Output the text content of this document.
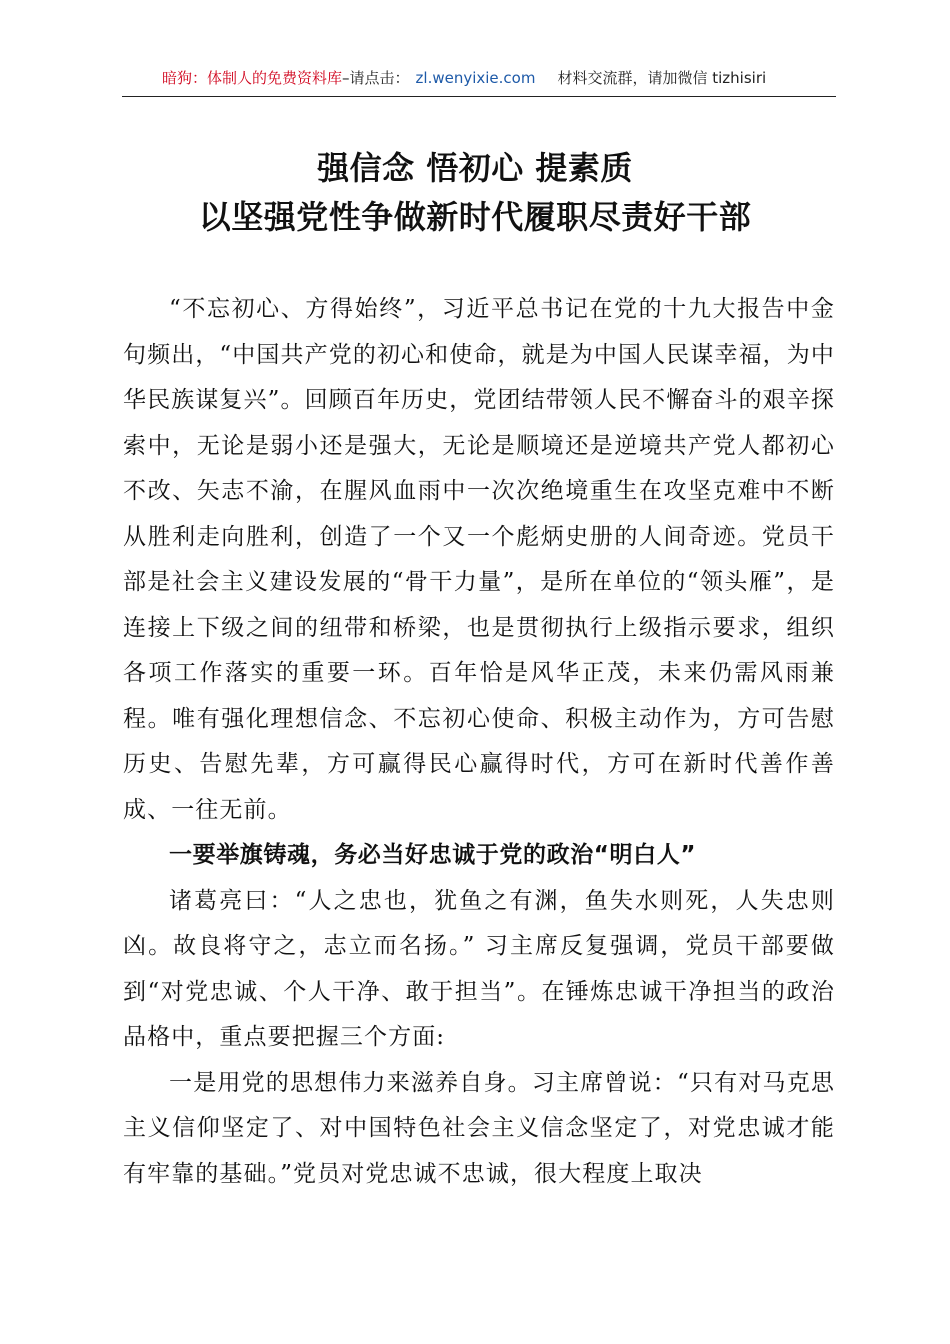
暗狗：体制人的免费资料库–请点击： zl.wenyixie.com 材料交流群，请加微信 tizhisiri
强信念 悟初心 提素质
以坚强党性争做新时代履职尽责好干部

“不忘初心、方得始终”，习近平总书记在党的十九大报告中金句频出，“中国共产党的初心和使命，就是为中国人民谋幸福，为中华民族谋复兴”。回顾百年历史，党团结带领人民不懈奋斗的艰辛探索中，无论是弱小还是强大，无论是顺境还是逆境共产党人都初心不改、矢志不渝，在腥风血雨中一次次绝境重生在攻坚克难中不断从胜利走向胜利，创造了一个又一个彪炳史册的人间奇迹。党员干部是社会主义建设发展的“骨干力量”，是所在单位的“领头雁”，是连接上下级之间的纽带和桥梁，也是贯彻执行上级指示要求，组织各项工作落实的重要一环。百年恰是风华正茂，未来仍需风雨兼程。唯有强化理想信念、不忘初心使命、积极主动作为，方可告慰历史、告慰先辈，方可赢得民心赢得时代，方可在新时代善作善成、一往无前。

一要举旗铸魂，务必当好忠诚于党的政治“明白人”

诸葛亮曰：“人之忠也，犹鱼之有渊，鱼失水则死，人失忠则凶。故良将守之，志立而名扬。” 习主席反复强调，党员干部要做到“对党忠诚、个人干净、敢于担当”。在锤炼忠诚干净担当的政治品格中，重点要把握三个方面:

一是用党的思想伟力来滋养自身。习主席曾说：“只有对马克思主义信仰坚定了、对中国特色社会主义信念坚定了，对党忠诚才能有牢靠的基础。”党员对党忠诚不忠诚，很大程度上取决
